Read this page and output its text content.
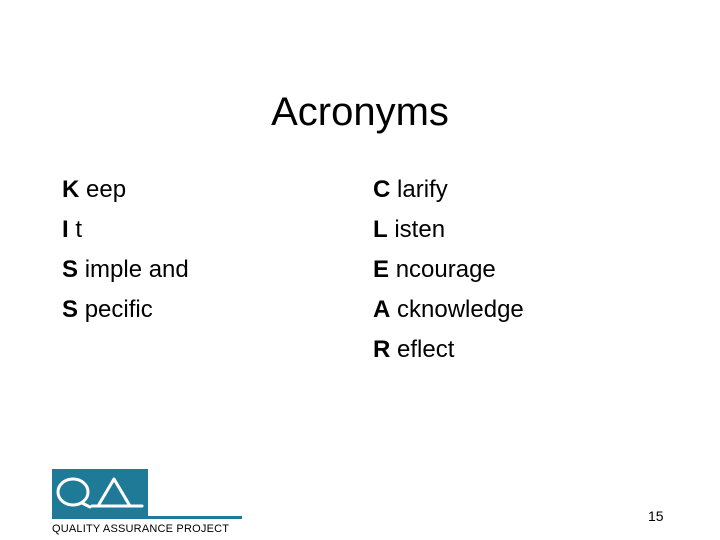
Acronyms
K eep
I t
S imple and
S pecific
C larify
L isten
E ncourage
A cknowledge
R eflect
QUALITY ASSURANCE PROJECT
15
